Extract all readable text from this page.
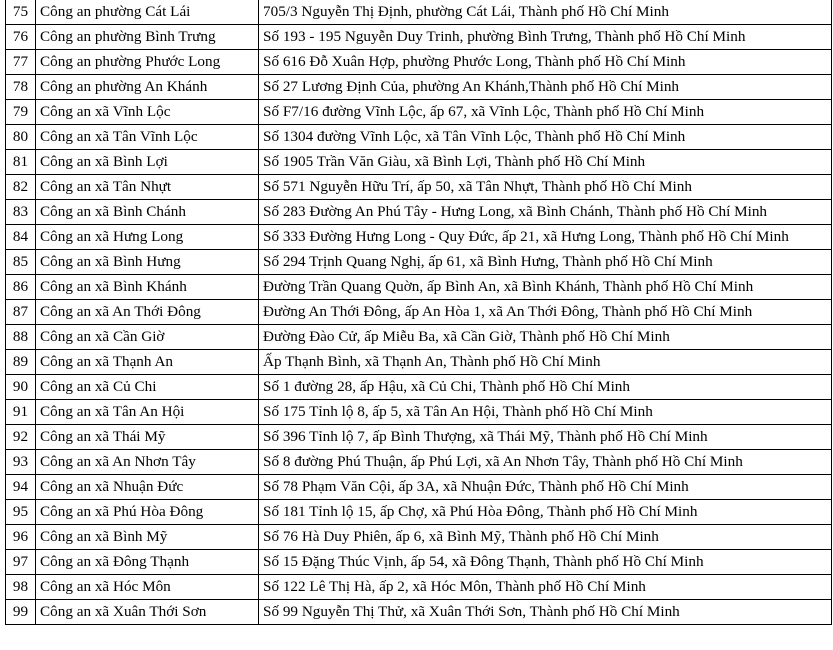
75	Công an phường Cát Lái	705/3 Nguyễn Thị Định, phường Cát Lái, Thành phố Hồ Chí Minh
76	Công an phường Bình Trưng	Số 193 - 195 Nguyễn Duy Trinh, phường Bình Trưng, Thành phố Hồ Chí Minh
77	Công an phường Phước Long	Số 616 Đỗ Xuân Hợp, phường Phước Long, Thành phố Hồ Chí Minh
78	Công an phường An Khánh	Số 27 Lương Định Của, phường An Khánh,Thành phố Hồ Chí Minh
79	Công an xã Vĩnh Lộc	Số F7/16 đường Vĩnh Lộc, ấp 67, xã Vĩnh Lộc, Thành phố Hồ Chí Minh
80	Công an xã Tân Vĩnh Lộc	Số 1304 đường Vĩnh Lộc, xã Tân Vĩnh Lộc, Thành phố Hồ Chí Minh
81	Công an xã Bình Lợi	Số 1905 Trần Văn Giàu, xã Bình Lợi, Thành phố Hồ Chí Minh
82	Công an xã Tân Nhựt	Số 571 Nguyễn Hữu Trí, ấp 50, xã Tân Nhựt, Thành phố Hồ Chí Minh
83	Công an xã Bình Chánh	Số 283 Đường An Phú Tây - Hưng Long, xã Bình Chánh, Thành phố Hồ Chí Minh
84	Công an xã Hưng Long	Số 333 Đường Hưng Long - Quy Đức, ấp 21, xã Hưng Long, Thành phố Hồ Chí Minh
85	Công an xã Bình Hưng	Số 294 Trịnh Quang Nghị, ấp 61, xã Bình Hưng, Thành phố Hồ Chí Minh
86	Công an xã Bình Khánh	Đường Trần Quang Quờn, ấp Bình An, xã Bình Khánh, Thành phố Hồ Chí Minh
87	Công an xã An Thới Đông	Đường An Thới Đông, ấp An Hòa 1, xã An Thới Đông, Thành phố Hồ Chí Minh
88	Công an xã Cần Giờ	Đường Đào Cử, ấp Miễu Ba, xã Cần Giờ, Thành phố Hồ Chí Minh
89	Công an xã Thạnh An	Ấp Thạnh Bình, xã Thạnh An, Thành phố Hồ Chí Minh
90	Công an xã Củ Chi	Số 1 đường 28, ấp Hậu, xã Củ Chi, Thành phố Hồ Chí Minh
91	Công an xã Tân An Hội	Số 175 Tỉnh lộ 8, ấp 5, xã Tân An Hội, Thành phố Hồ Chí Minh
92	Công an xã Thái Mỹ	Số 396 Tỉnh lộ 7, ấp Bình Thượng, xã Thái Mỹ, Thành phố Hồ Chí Minh
93	Công an xã An Nhơn Tây	Số 8 đường Phú Thuận, ấp Phú Lợi, xã An Nhơn Tây, Thành phố Hồ Chí Minh
94	Công an xã Nhuận Đức	Số 78 Phạm Văn Cội, ấp 3A, xã Nhuận Đức, Thành phố Hồ Chí Minh
95	Công an xã Phú Hòa Đông	Số 181 Tỉnh lộ 15, ấp Chợ, xã Phú Hòa Đông, Thành phố Hồ Chí Minh
96	Công an xã Bình Mỹ	Số 76 Hà Duy Phiên, ấp 6, xã Bình Mỹ, Thành phố Hồ Chí Minh
97	Công an xã Đông Thạnh	Số 15 Đặng Thúc Vịnh, ấp 54, xã Đông Thạnh, Thành phố Hồ Chí Minh
98	Công an xã Hóc Môn	Số 122 Lê Thị Hà, ấp 2, xã Hóc Môn, Thành phố Hồ Chí Minh
99	Công an xã Xuân Thới Sơn	Số 99 Nguyễn Thị Thử, xã Xuân Thới Sơn, Thành phố Hồ Chí Minh
